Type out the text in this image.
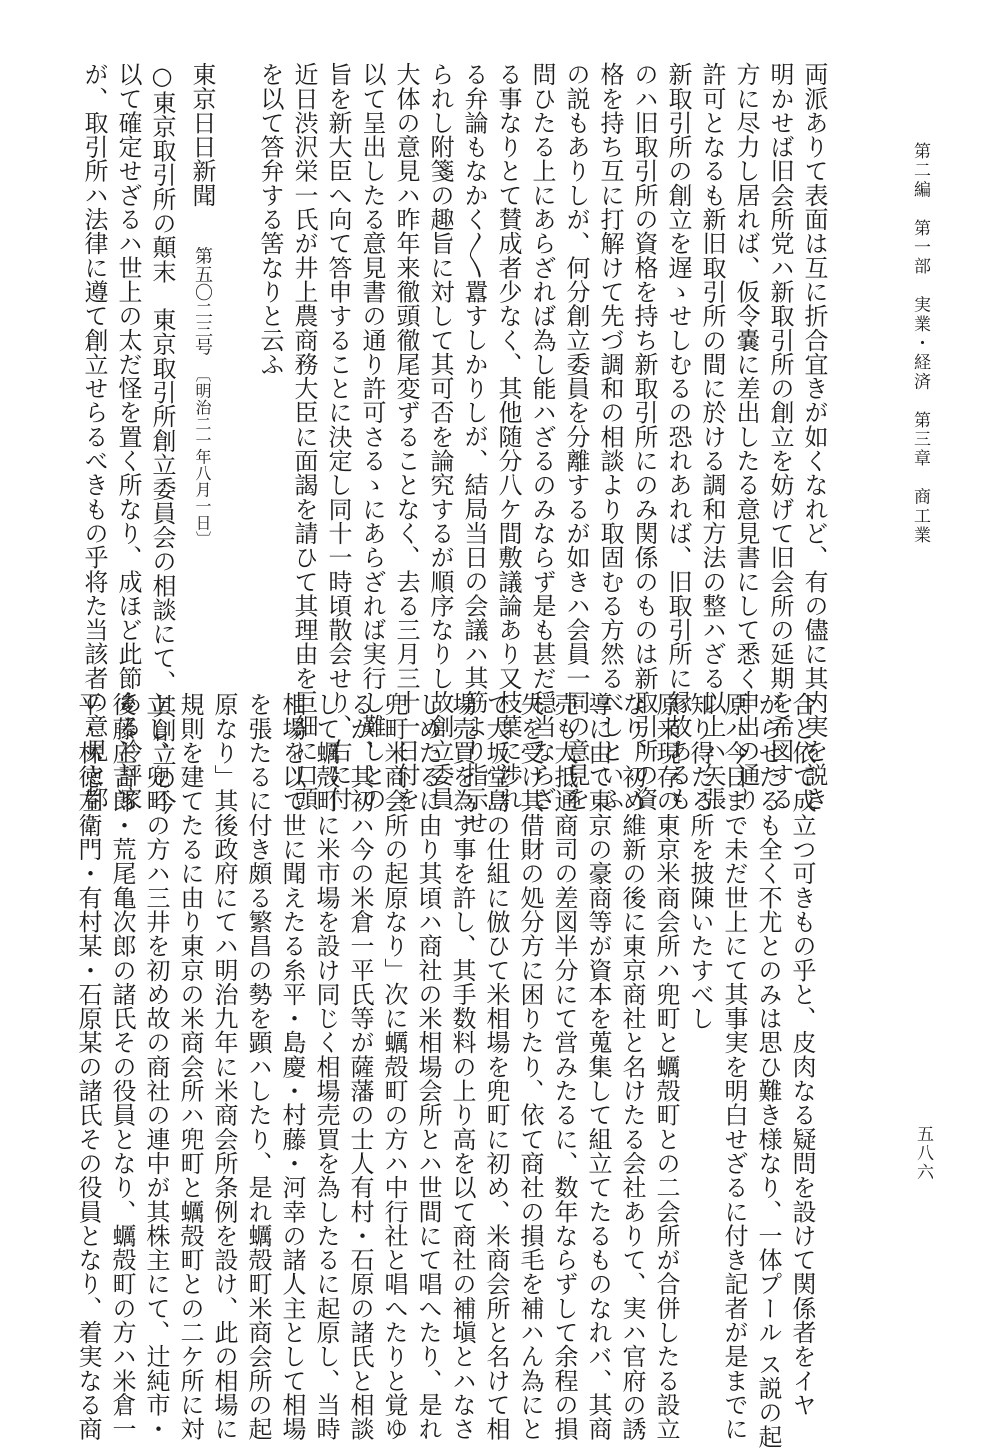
第二編　第一部　実業・経済　第三章　商工業
五八六
両派ありて表面は互に折合宜きが如くなれど、有の儘に其内実を説き
明かせば旧会所党ハ新取引所の創立を妨げて旧会所の延期を希図する
方に尽力し居れば、仮令嚢に差出したる意見書にして悉く申出の通り
許可となるも新旧取引所の間に於ける調和方法の整ハざる以上ハ矢張
新取引所の創立を遅ゝせしむるの恐れあれば、旧取引所に縁故あるも
のハ旧取引所の資格を持ち新取引所にのみ関係のものは新取引所の資
格を持ち互に打解けて先づ調和の相談より取固むる方然るべしといふ
の説もありしが、何分創立委員を分離するが如きハ会員一同の意見を
問ひたる上にあらざれば為し能ハざるのみならず是も甚だ穏当ならざ
る事なりとて賛成者少なく、其他随分八ケ間敷議論あり又枝葉に渉れ
る弁論もなかく〳〵囂すしかりしが、結局当日の会議ハ其筋より指示せ
られし附箋の趣旨に対して其可否を論究するが順序なりし故創立委員
大体の意見ハ昨年来徹頭徹尾変ずることなく、去る三月三十一日付を
以て呈出したる意見書の通り許可さるゝにあらざれば実行し難しとの
旨を新大臣へ向て答申することに決定し同十一時頃散会せり、右に付
近日渋沢栄一氏が井上農商務大臣に面謁を請ひて其理由を巨細に口頭
を以て答弁する筈なりと云ふ
東京日日新聞第五〇二三号〔明治二一年八月一日〕
○東京取引所の顛末　東京取引所創立委員会の相談にて、其創立の今
以て確定せざるハ世上の太だ怪を置く所なり、成ほど此節ある冷評家
が、取引所ハ法律に遵て創立せらるべきもの乎将た当該者の意見と都
合と依て成立つ可きもの乎と、皮肉なる疑問を設けて関係者をイヤ
がらせたるも全く不尤とのみは思ひ難き様なり、一体プール ス説の起
原ハ今日まで未だ世上にて其事実を明白せざるに付き記者が是までに
知り得たる所を披陳いたすべし
原来現存の東京米商会所ハ兜町と蠣殻町との二会所が合併したる設立
なり、初め維新の後に東京商社と名けたる会社ありて、実ハ官府の誘
導に由て東京の豪商等が資本を蒐集して組立てたるものなれバ、其商
売も大抵通商司の差図半分にて営みたるに、数年ならずして余程の損
失を受け其借財の処分方に困りたり、依て商社の損毛を補ハん為にと
て大坂堂島の仕組に倣ひて米相場を兜町に初め、米商会所と名けて相
場売買を為す事を許し、其手数料の上り高を以て商社の補塡とハなさ
しめたるに由り其頃ハ商社の米相場会所とハ世間にて唱へたり、是れ
兜町米商会所の起原なり」次に蠣殻町の方ハ中行社と唱へたりと覚ゆ
るが、其初ハ今の米倉一平氏等が薩藩の士人有村・石原の諸氏と相談
して蠣殻町に米市場を設け同じく相場売買を為したるに起原し、当時
相場を以て世に聞えたる糸平・島慶・村藤・河幸の諸人主として相場
を張たるに付き頗る繁昌の勢を顕ハしたり、是れ蠣殻町米商会所の起
原なり」其後政府にてハ明治九年に米商会所条例を設け、此の相場に
規則を建てたるに由り東京の米商会所ハ兜町と蠣殻町との二ケ所に対
立し、兜町の方ハ三井を初め故の商社の連中が其株主にて、辻純市・
後藤庄吉郎・荒尾亀次郎の諸氏その役員となり、蠣殻町の方ハ米倉一
平・林徳左衛門・有村某・石原某の諸氏その役員となり、着実なる商
